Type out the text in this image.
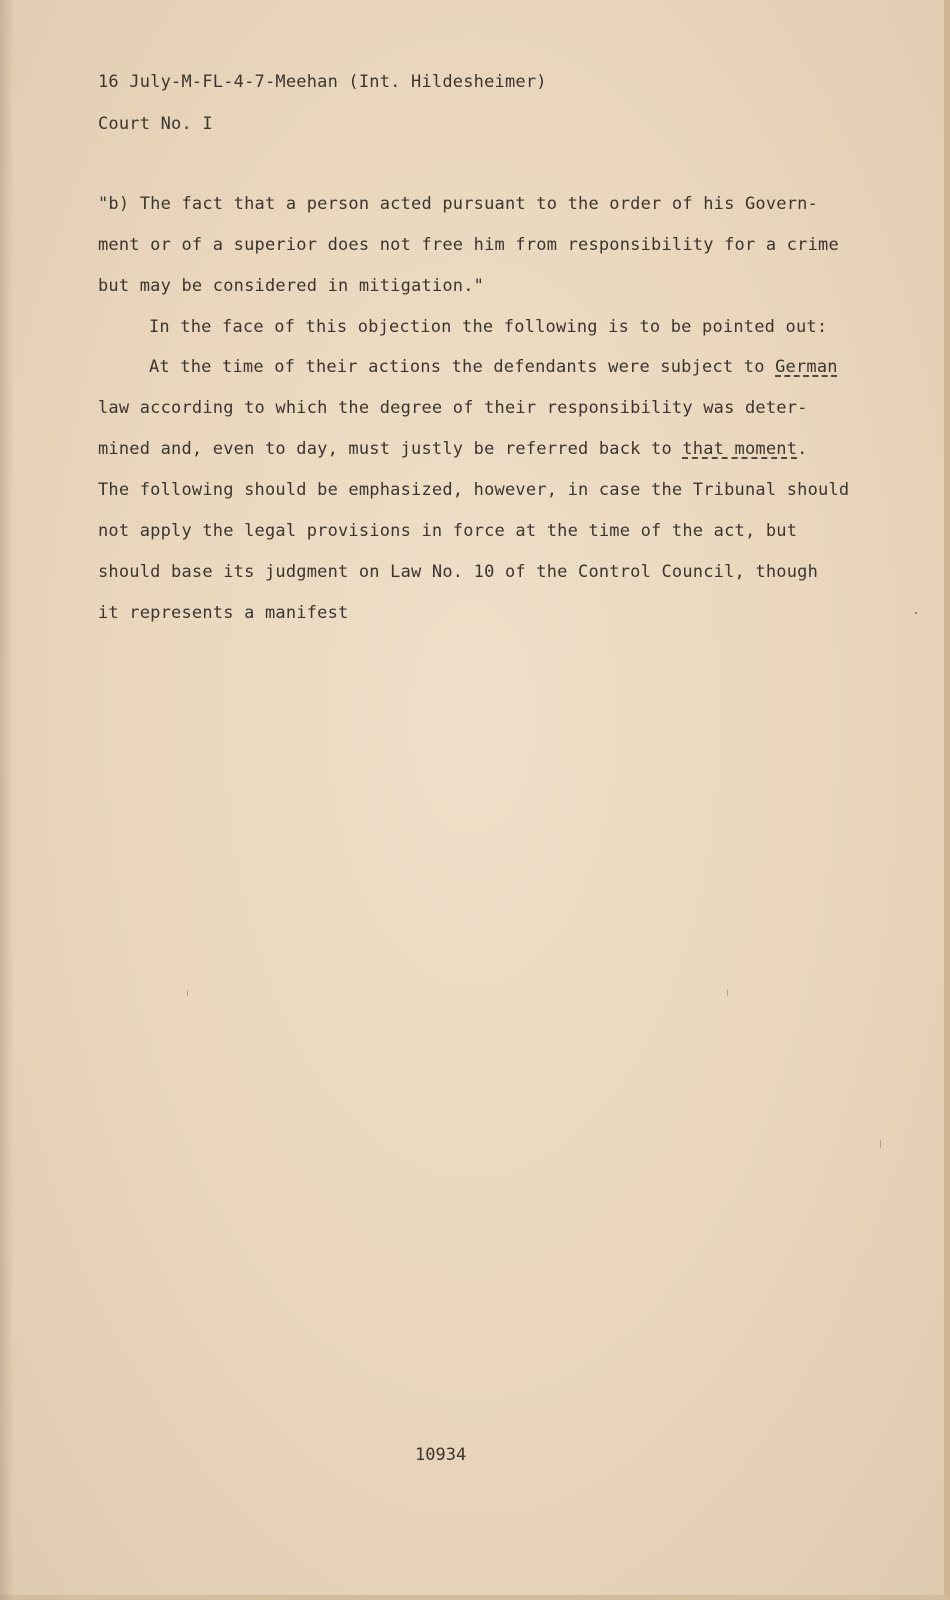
16 July-M-FL-4-7-Meehan (Int. Hildesheimer)
Court No. I
"b) The fact that a person acted pursuant to the order of his Govern-
ment or of a superior does not free him from responsibility for a crime
but may be considered in mitigation."
In the face of this objection the following is to be pointed out:
At the time of their actions the defendants were subject to German
law according to which the degree of their responsibility was deter-
mined and, even to day, must justly be referred back to that moment.
The following should be emphasized, however, in case the Tribunal should
not apply the legal provisions in force at the time of the act, but
should base its judgment on Law No. 10 of the Control Council, though
it represents a manifest
10934
